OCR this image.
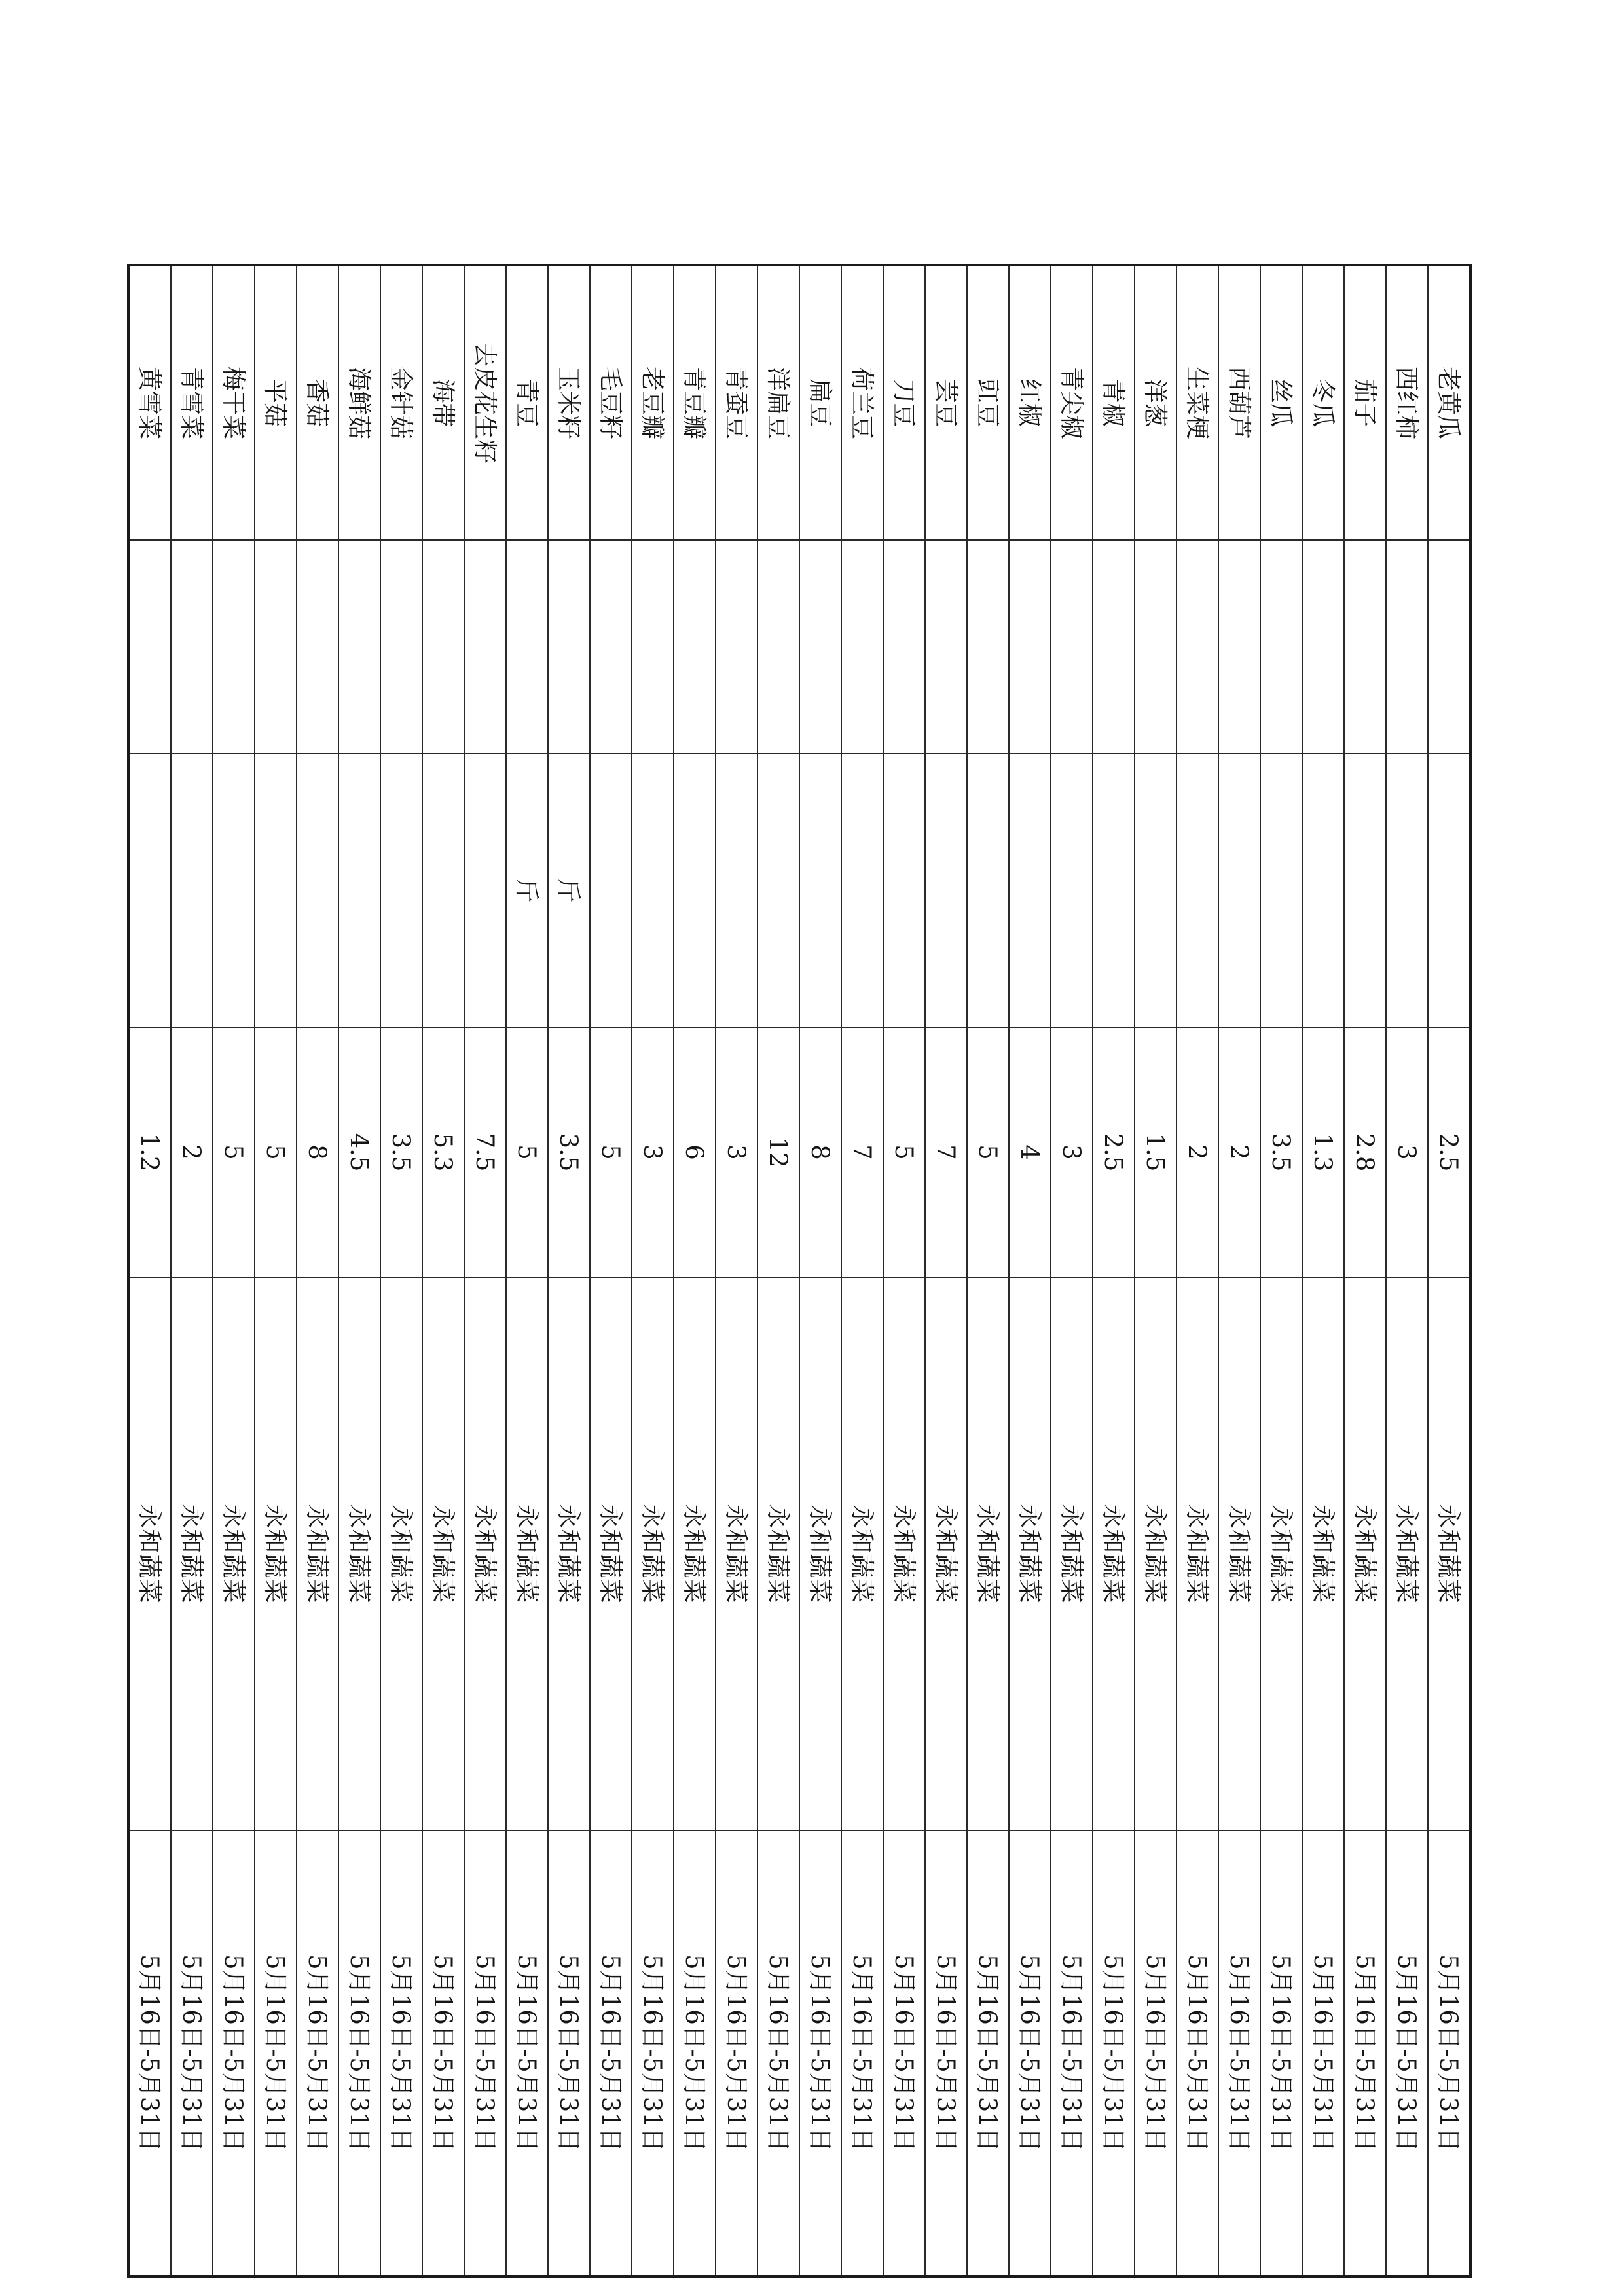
老黄瓜			2.5	永和蔬菜	5月16日-5月31日
西红柿			3	永和蔬菜	5月16日-5月31日
茄子			2.8	永和蔬菜	5月16日-5月31日
冬瓜			1.3	永和蔬菜	5月16日-5月31日
丝瓜			3.5	永和蔬菜	5月16日-5月31日
西葫芦			2	永和蔬菜	5月16日-5月31日
生菜梗			2	永和蔬菜	5月16日-5月31日
洋葱			1.5	永和蔬菜	5月16日-5月31日
青椒			2.5	永和蔬菜	5月16日-5月31日
青尖椒			3	永和蔬菜	5月16日-5月31日
红椒			4	永和蔬菜	5月16日-5月31日
豇豆			5	永和蔬菜	5月16日-5月31日
芸豆			7	永和蔬菜	5月16日-5月31日
刀豆			5	永和蔬菜	5月16日-5月31日
荷兰豆			7	永和蔬菜	5月16日-5月31日
扁豆			8	永和蔬菜	5月16日-5月31日
洋扁豆			12	永和蔬菜	5月16日-5月31日
青蚕豆			3	永和蔬菜	5月16日-5月31日
青豆瓣			6	永和蔬菜	5月16日-5月31日
老豆瓣			3	永和蔬菜	5月16日-5月31日
毛豆籽			5	永和蔬菜	5月16日-5月31日
玉米籽		斤	3.5	永和蔬菜	5月16日-5月31日
青豆		斤	5	永和蔬菜	5月16日-5月31日
去皮花生籽			7.5	永和蔬菜	5月16日-5月31日
海带			5.3	永和蔬菜	5月16日-5月31日
金针菇			3.5	永和蔬菜	5月16日-5月31日
海鲜菇			4.5	永和蔬菜	5月16日-5月31日
香菇			8	永和蔬菜	5月16日-5月31日
平菇			5	永和蔬菜	5月16日-5月31日
梅干菜			5	永和蔬菜	5月16日-5月31日
青雪菜			2	永和蔬菜	5月16日-5月31日
黄雪菜			1.2	永和蔬菜	5月16日-5月31日
